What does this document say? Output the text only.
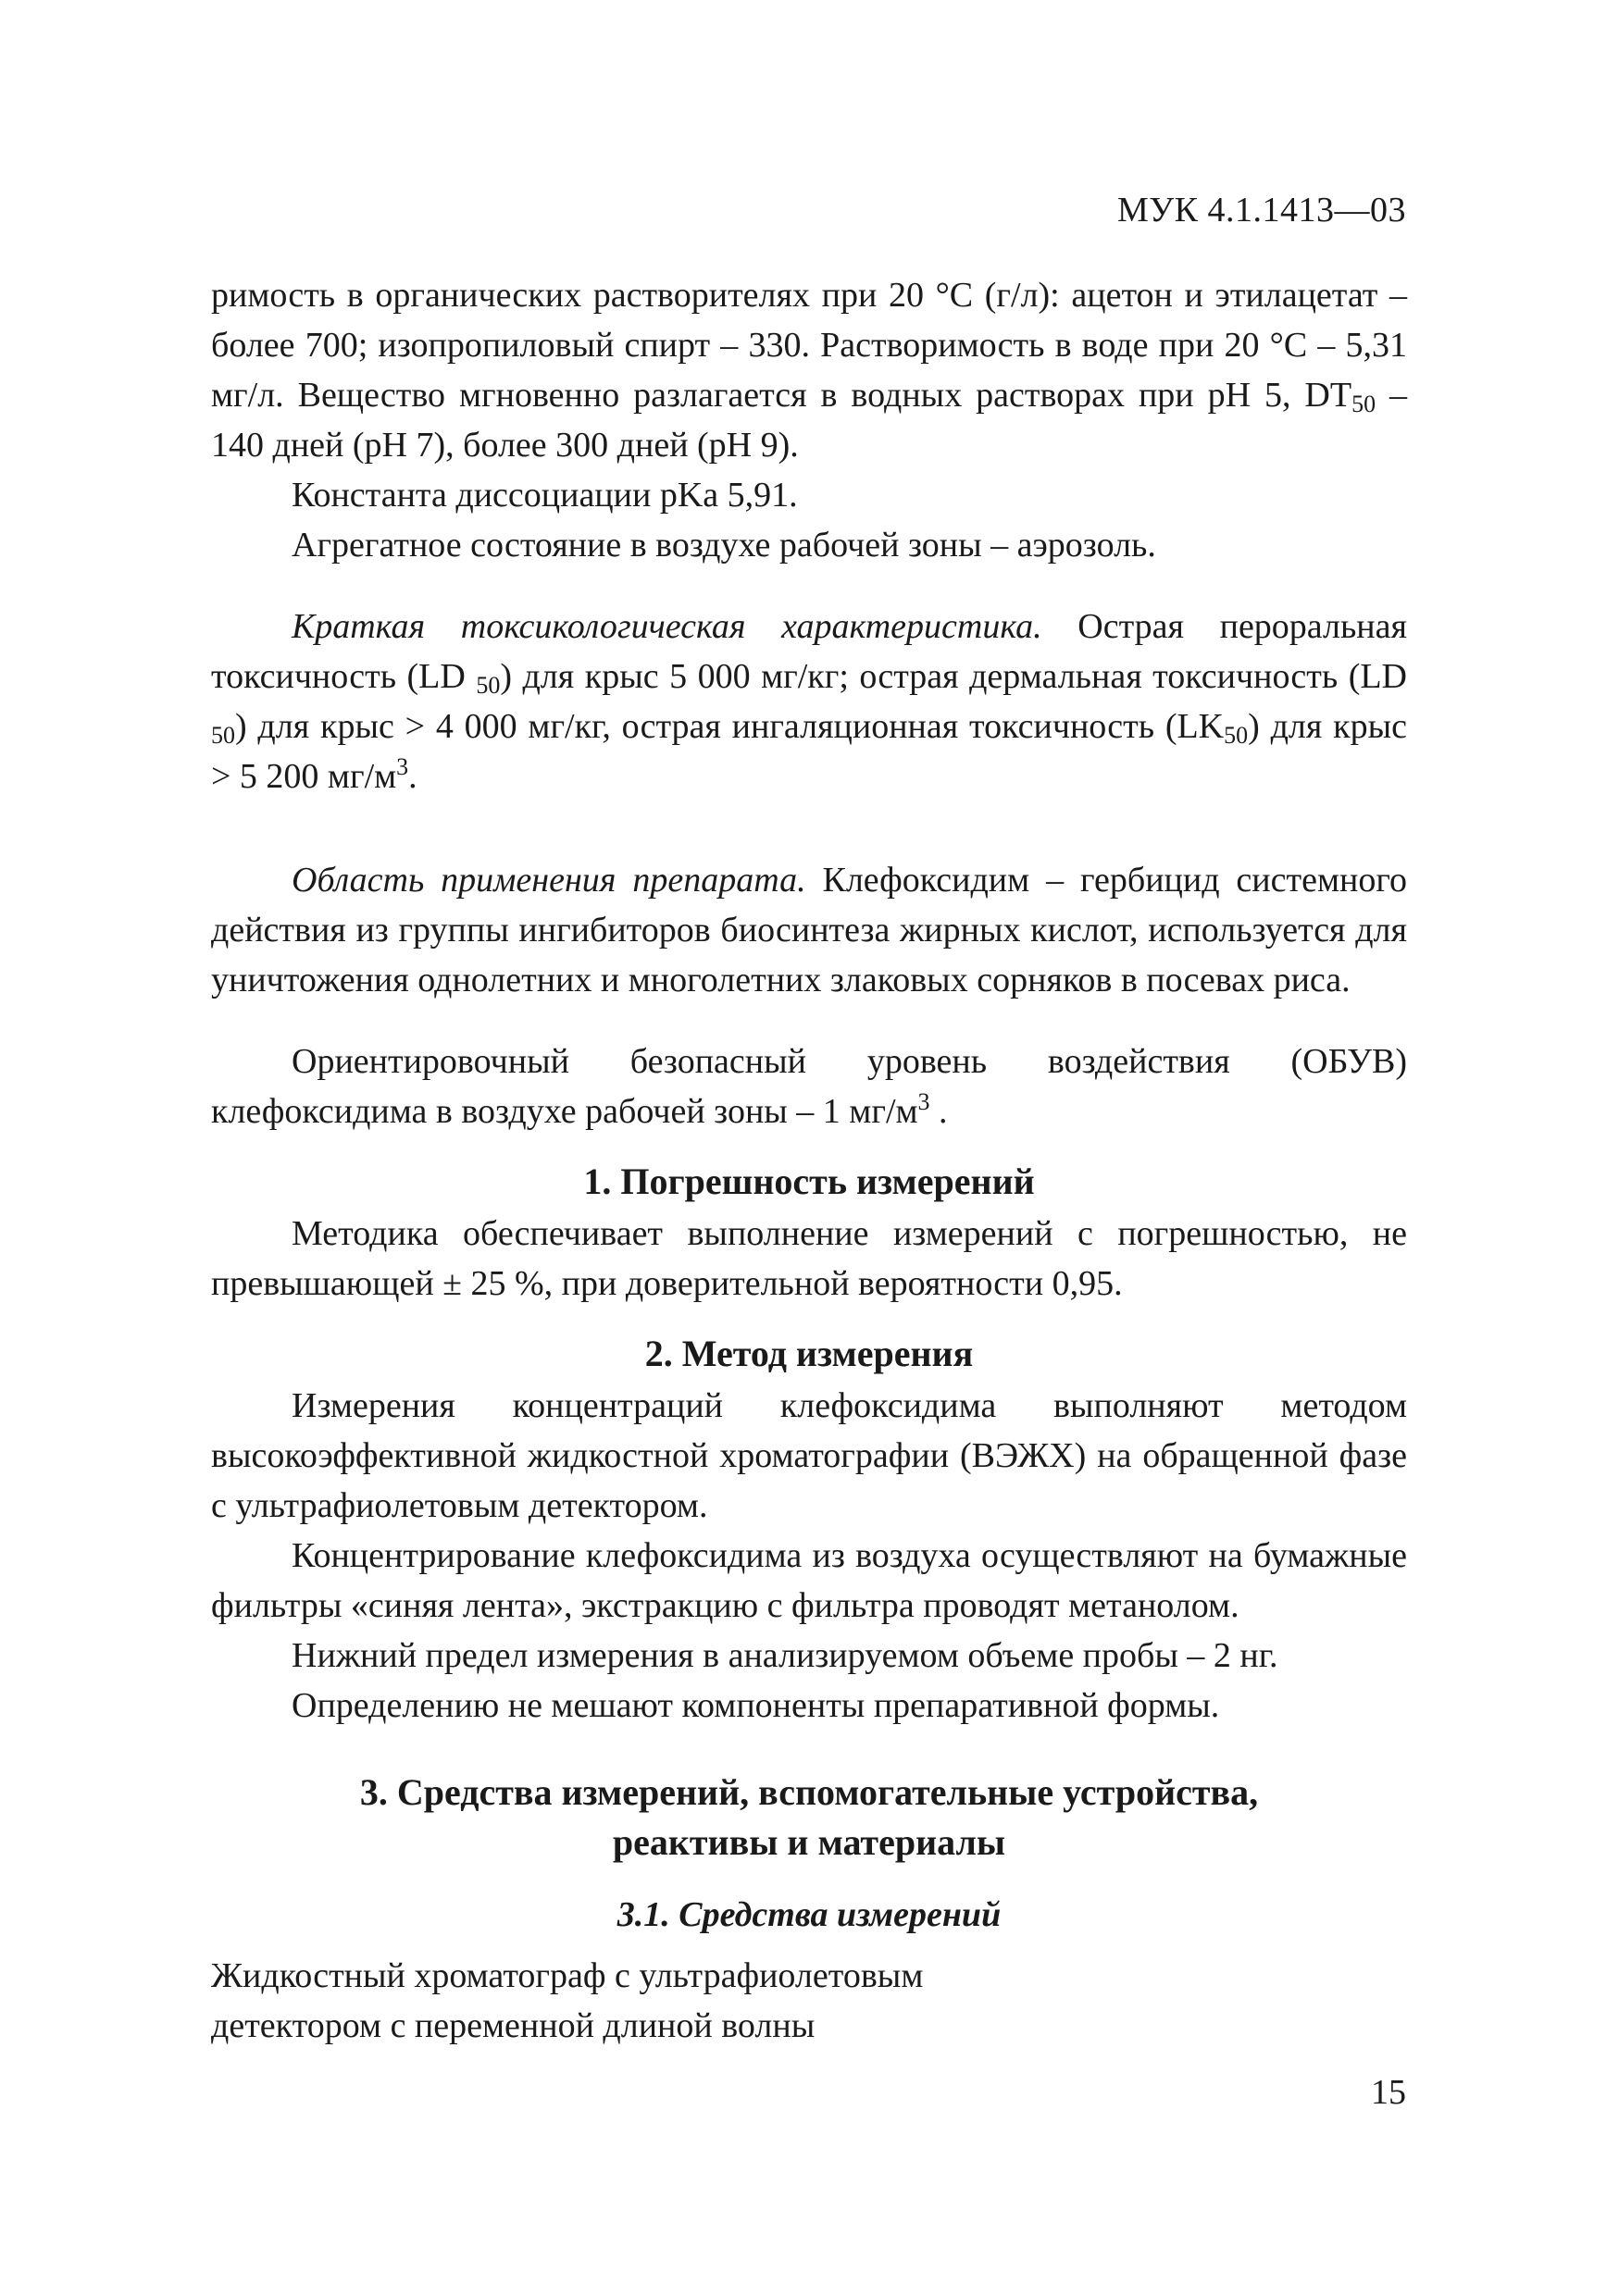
МУК 4.1.1413—03

римость в органических растворителях при 20 °С (г/л): ацетон и этилацетат – более 700; изопропиловый спирт – 330. Растворимость в воде при 20 °С – 5,31 мг/л. Вещество мгновенно разлагается в водных растворах при pH 5, $DT_{50} - 140$ дней (pH 7), более 300 дней (pH 9).

Константа диссоциации pKa 5,91.

Агрегатное состояние в воздухе рабочей зоны – аэрозоль.

Краткая токсикологическая характеристика. Острая пероральная токсичность (LD $_{50}$) для крыс 5 000 мг/кг; острая дермальная токсичность (LD $_{50}$) для крыс > 4 000 мг/кг, острая ингаляционная токсичность $(LK_{50})$ для крыс > 5 200 $мг/м^3$.

Область применения препарата. Клефоксидим – гербицид системного действия из группы ингибиторов биосинтеза жирных кислот, используется для уничтожения однолетних и многолетних злаковых сорняков в посевах риса.

Ориентировочный безопасный уровень воздействия (ОБУВ) клефоксидима в воздухе рабочей зоны – 1 $мг/м^3$ .

1. Погрешность измерений

Методика обеспечивает выполнение измерений с погрешностью, не превышающей ± 25 %, при доверительной вероятности 0,95.

2. Метод измерения

Измерения концентраций клефоксидима выполняют методом высокоэффективной жидкостной хроматографии (ВЭЖХ) на обращенной фазе с ультрафиолетовым детектором.

Концентрирование клефоксидима из воздуха осуществляют на бумажные фильтры «синяя лента», экстракцию с фильтра проводят метанолом.

Нижний предел измерения в анализируемом объеме пробы – 2 нг.

Определению не мешают компоненты препаративной формы.

3. Средства измерений, вспомогательные устройства,
реактивы и материалы
3.1. Средства измерений

Жидкостный хроматограф с ультрафиолетовым
детектором с переменной длиной волны

15
